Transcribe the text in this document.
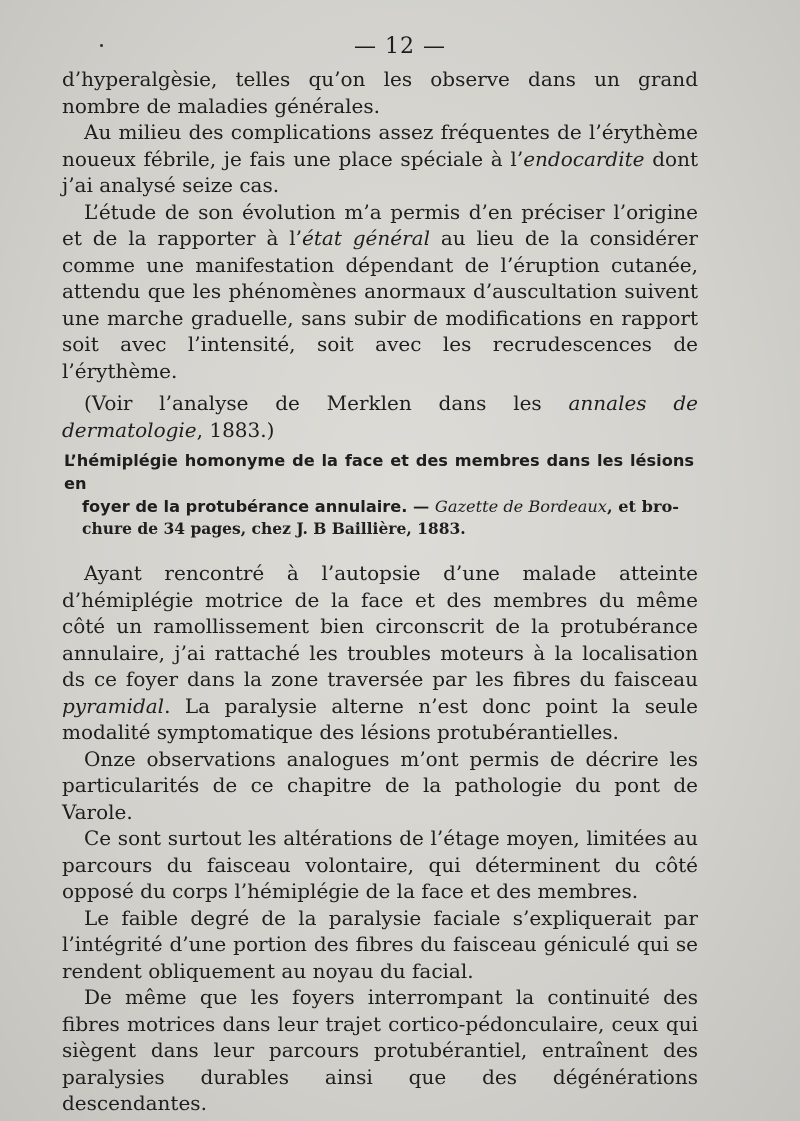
— 12 —

d’hyperalgèsie, telles qu’on les observe dans un grand nombre de maladies générales.

Au milieu des complications assez fréquentes de l’érythème noueux fébrile, je fais une place spéciale à l’endocardite dont j’ai analysé seize cas.

L’étude de son évolution m’a permis d’en préciser l’origine et de la rapporter à l’état général au lieu de la considérer comme une manifestation dépendant de l’éruption cutanée, attendu que les phénomènes anormaux d’auscultation suivent une marche graduelle, sans subir de modifications en rapport soit avec l’intensité, soit avec les recrudescences de l’érythème.

(Voir l’analyse de Merklen dans les annales de dermatologie, 1883.)

L’hémiplégie homonyme de la face et des membres dans les lésions en
foyer de la protubérance annulaire. — Gazette de Bordeaux, et bro-

chure de 34 pages, chez J. B Baillière, 1883.

Ayant rencontré à l’autopsie d’une malade atteinte d’hémiplégie motrice de la face et des membres du même côté un ramollissement bien circonscrit de la protubérance annulaire, j’ai rattaché les troubles moteurs à la localisation ds ce foyer dans la zone traversée par les fibres du faisceau pyramidal. La paralysie alterne n’est donc point la seule modalité symptomatique des lésions protubérantielles.

Onze observations analogues m’ont permis de décrire les particularités de ce chapitre de la pathologie du pont de Varole.

Ce sont surtout les altérations de l’étage moyen, limitées au parcours du faisceau volontaire, qui déterminent du côté opposé du corps l’hémiplégie de la face et des membres.

Le faible degré de la paralysie faciale s’expliquerait par l’intégrité d’une portion des fibres du faisceau géniculé qui se rendent obliquement au noyau du facial.

De même que les foyers interrompant la continuité des fibres motrices dans leur trajet cortico-pédonculaire, ceux qui siègent dans leur parcours protubérantiel, entraînent des paralysies durables ainsi que des dégénérations descendantes.
